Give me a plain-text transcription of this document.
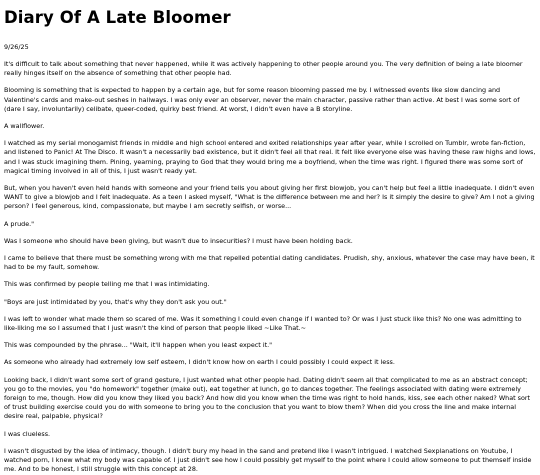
Diary Of A Late Bloomer
9/26/25

It's difficult to talk about something that never happened, while it was actively happening to other people around you. The very definition of being a late bloomer really hinges itself on the absence of something that other people had.

Blooming is something that is expected to happen by a certain age, but for some reason blooming passed me by. I witnessed events like slow dancing and Valentine's cards and make-out seshes in hallways. I was only ever an observer, never the main character, passive rather than active. At best I was some sort of (dare I say, involuntarily) celibate, queer-coded, quirky best friend. At worst, I didn't even have a B storyline.

A wallflower.

I watched as my serial monogamist friends in middle and high school entered and exited relationships year after year, while I scrolled on Tumblr, wrote fan-fiction, and listened to Panic! At The Disco. It wasn't a necessarily bad existence, but it didn't feel all that real. It felt like everyone else was having these raw highs and lows, and I was stuck imagining them. Pining, yearning, praying to God that they would bring me a boyfriend, when the time was right. I figured there was some sort of magical timing involved in all of this, I just wasn't ready yet.

But, when you haven't even held hands with someone and your friend tells you about giving her first blowjob, you can't help but feel a little inadequate. I didn't even WANT to give a blowjob and I felt inadequate. As a teen I asked myself, "What is the difference between me and her? Is it simply the desire to give? Am I not a giving person? I feel generous, kind, compassionate, but maybe I am secretly selfish, or worse...

A prude."

Was I someone who should have been giving, but wasn't due to insecurities? I must have been holding back.

I came to believe that there must be something wrong with me that repelled potential dating candidates. Prudish, shy, anxious, whatever the case may have been, it had to be my fault, somehow.

This was confirmed by people telling me that I was intimidating.

"Boys are just intimidated by you, that's why they don't ask you out."

I was left to wonder what made them so scared of me. Was it something I could even change if I wanted to? Or was I just stuck like this? No one was admitting to like-liking me so I assumed that I just wasn't the kind of person that people liked ~Like That.~

This was compounded by the phrase... "Wait, it'll happen when you least expect it."

As someone who already had extremely low self esteem, I didn't know how on earth I could possibly I could expect it less.

Looking back, I didn't want some sort of grand gesture, I just wanted what other people had. Dating didn't seem all that complicated to me as an abstract concept; you go to the movies, you "do homework" together (make out), eat together at lunch, go to dances together. The feelings associated with dating were extremely foreign to me, though. How did you know they liked you back? And how did you know when the time was right to hold hands, kiss, see each other naked? What sort of trust building exercise could you do with someone to bring you to the conclusion that you want to blow them? When did you cross the line and make internal desire real, palpable, physical?

I was clueless.

I wasn't disgusted by the idea of intimacy, though. I didn't bury my head in the sand and pretend like I wasn't intrigued. I watched Sexplanations on Youtube, I watched porn, I knew what my body was capable of. I just didn't see how I could possibly get myself to the point where I could allow someone to put themself inside me. And to be honest, I still struggle with this concept at 28.
